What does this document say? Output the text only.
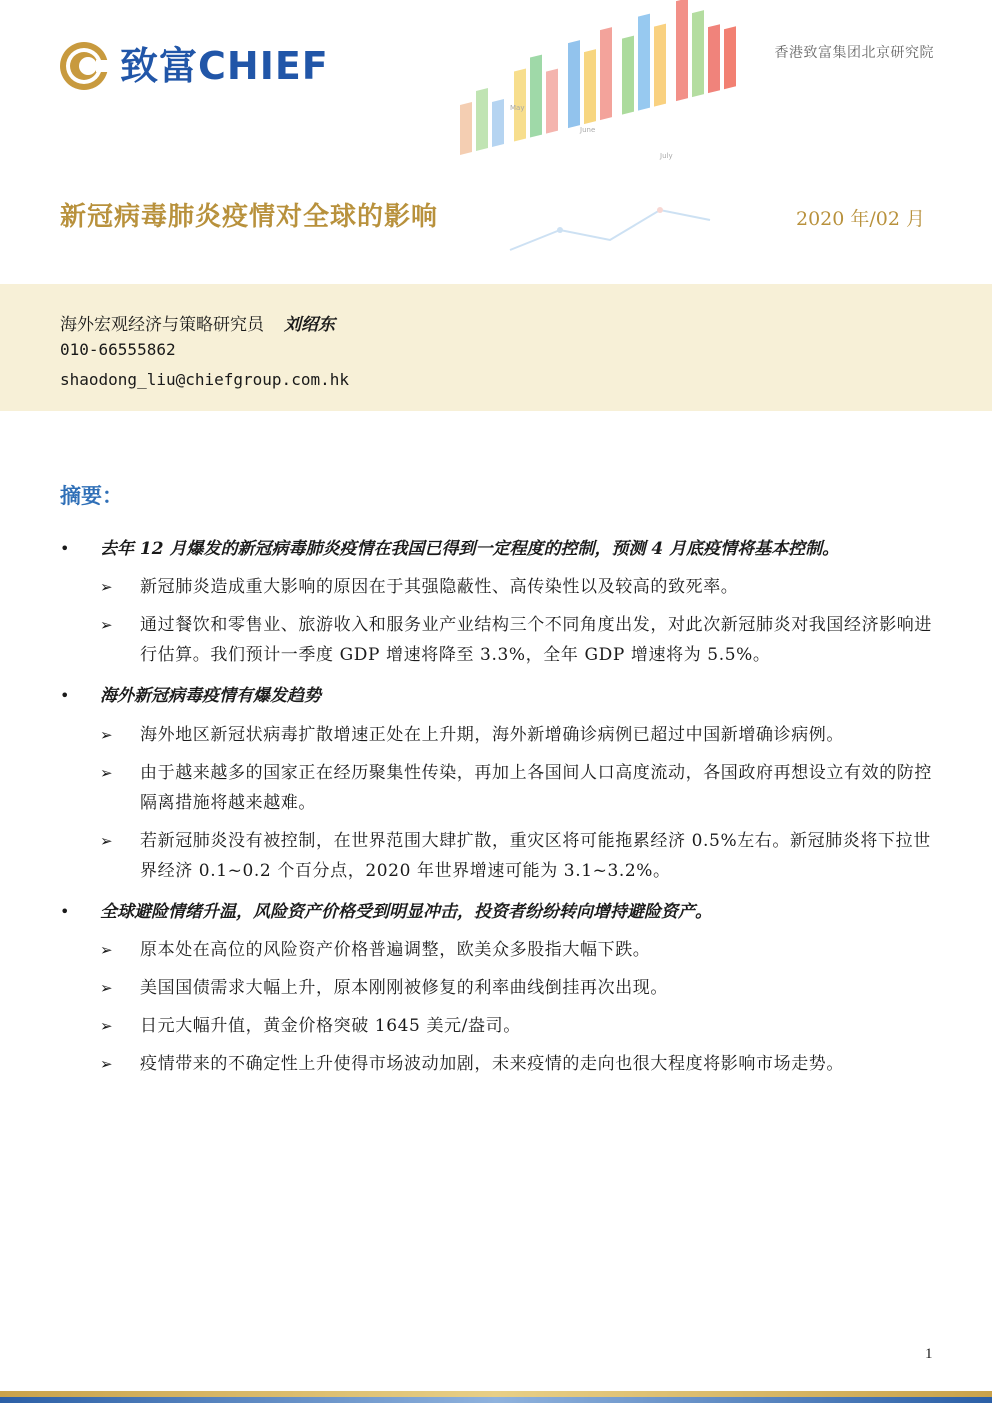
致富CHIEF
May
June
July
香港致富集团北京研究院
新冠病毒肺炎疫情对全球的影响	2020 年/02 月
海外宏观经济与策略研究员 刘绍东
010-66555862
shaodong_liu@chiefgroup.com.hk
摘要：
• 去年 12 月爆发的新冠病毒肺炎疫情在我国已得到一定程度的控制，预测 4 月底疫情将基本控制。
➢ 新冠肺炎造成重大影响的原因在于其强隐蔽性、高传染性以及较高的致死率。
➢ 通过餐饮和零售业、旅游收入和服务业产业结构三个不同角度出发，对此次新冠肺炎对我国经济影响进行估算。我们预计一季度 GDP 增速将降至 3.3%，全年 GDP 增速将为 5.5%。
• 海外新冠病毒疫情有爆发趋势
➢ 海外地区新冠状病毒扩散增速正处在上升期，海外新增确诊病例已超过中国新增确诊病例。
➢ 由于越来越多的国家正在经历聚集性传染，再加上各国间人口高度流动，各国政府再想设立有效的防控隔离措施将越来越难。
➢ 若新冠肺炎没有被控制，在世界范围大肆扩散，重灾区将可能拖累经济 0.5%左右。新冠肺炎将下拉世界经济 0.1~0.2 个百分点，2020 年世界增速可能为 3.1~3.2%。
• 全球避险情绪升温，风险资产价格受到明显冲击，投资者纷纷转向增持避险资产。
➢ 原本处在高位的风险资产价格普遍调整，欧美众多股指大幅下跌。
➢ 美国国债需求大幅上升，原本刚刚被修复的利率曲线倒挂再次出现。
➢ 日元大幅升值，黄金价格突破 1645 美元/盎司。
➢ 疫情带来的不确定性上升使得市场波动加剧，未来疫情的走向也很大程度将影响市场走势。
1
